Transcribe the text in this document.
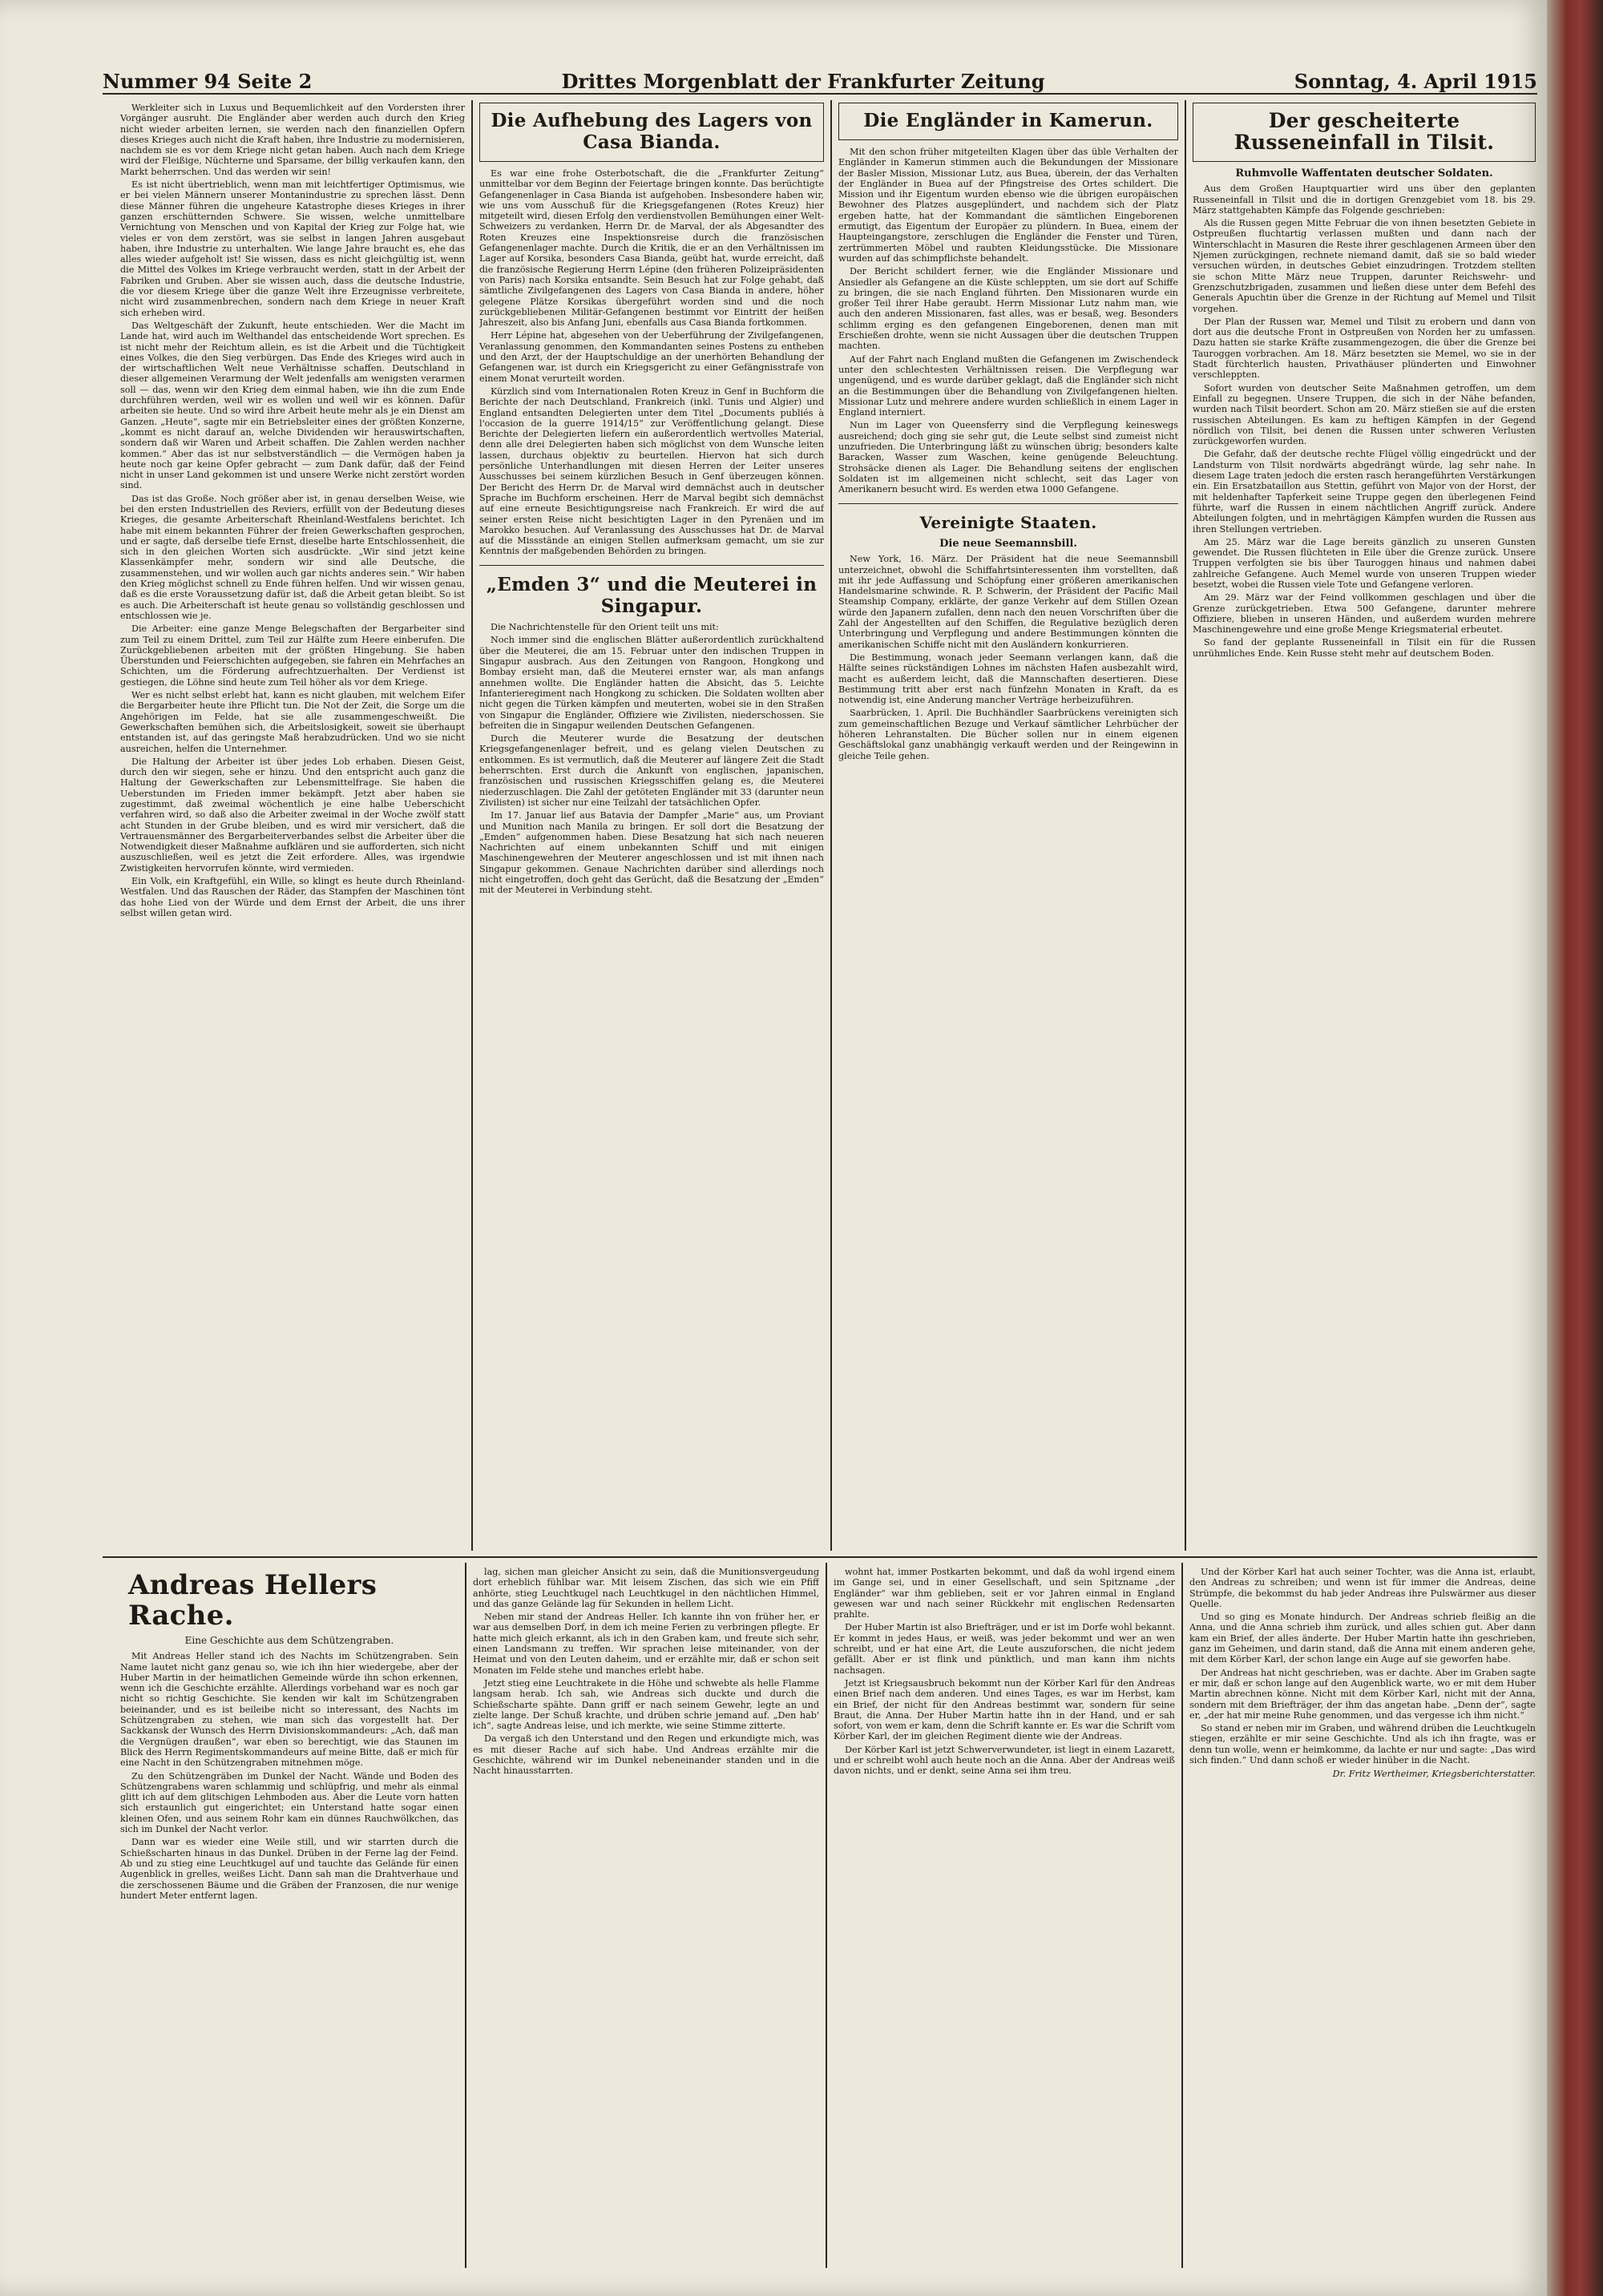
Nummer 94 Seite 2	Drittes Morgenblatt der Frankfurter Zeitung	Sonntag, 4. April 1915

Werkleiter sich in Luxus und Bequemlichkeit auf den Vordersten ihrer Vorgänger ausruht. Die Engländer aber werden auch durch den Krieg nicht wieder arbeiten lernen, sie werden nach den finanziellen Opfern dieses Krieges auch nicht die Kraft haben, ihre Industrie zu modernisieren, nachdem sie es vor dem Kriege nicht getan haben. Auch nach dem Kriege wird der Fleißige, Nüchterne und Sparsame, der billig verkaufen kann, den Markt beherrschen. Und das werden wir sein!

Es ist nicht übertrieblich, wenn man mit leichtfertiger Optimismus, wie er bei vielen Männern unserer Montanindustrie zu sprechen lässt. Denn diese Männer führen die ungeheure Katastrophe dieses Krieges in ihrer ganzen erschütternden Schwere. Sie wissen, welche unmittelbare Vernichtung von Menschen und von Kapital der Krieg zur Folge hat, wie vieles er von dem zerstört, was sie selbst in langen Jahren ausgebaut haben, ihre Industrie zu unterhalten. Wie lange Jahre braucht es, ehe das alles wieder aufgeholt ist! Sie wissen, dass es nicht gleichgültig ist, wenn die Mittel des Volkes im Kriege verbraucht werden, statt in der Arbeit der Fabriken und Gruben. Aber sie wissen auch, dass die deutsche Industrie, die vor diesem Kriege über die ganze Welt ihre Erzeugnisse verbreitete, nicht wird zusammenbrechen, sondern nach dem Kriege in neuer Kraft sich erheben wird.

Das Weltgeschäft der Zukunft, heute entschieden. Wer die Macht im Lande hat, wird auch im Welthandel das entscheidende Wort sprechen. Es ist nicht mehr der Reichtum allein, es ist die Arbeit und die Tüchtigkeit eines Volkes, die den Sieg verbürgen. Das Ende des Krieges wird auch in der wirtschaftlichen Welt neue Verhältnisse schaffen. Deutschland in dieser allgemeinen Verarmung der Welt jedenfalls am wenigsten verarmen soll — das, wenn wir den Krieg dem einmal haben, wie ihn die zum Ende durchführen werden, weil wir es wollen und weil wir es können. Dafür arbeiten sie heute. Und so wird ihre Arbeit heute mehr als je ein Dienst am Ganzen. „Heute“, sagte mir ein Betriebsleiter eines der größten Konzerne, „kommt es nicht darauf an, welche Dividenden wir herauswirtschaften, sondern daß wir Waren und Arbeit schaffen. Die Zahlen werden nachher kommen.“ Aber das ist nur selbstverständlich — die Vermögen haben ja heute noch gar keine Opfer gebracht — zum Dank dafür, daß der Feind nicht in unser Land gekommen ist und unsere Werke nicht zerstört worden sind.

Das ist das Große. Noch größer aber ist, in genau derselben Weise, wie bei den ersten Industriellen des Reviers, erfüllt von der Bedeutung dieses Krieges, die gesamte Arbeiterschaft Rheinland-Westfalens berichtet. Ich habe mit einem bekannten Führer der freien Gewerkschaften gesprochen, und er sagte, daß derselbe tiefe Ernst, dieselbe harte Entschlossenheit, die sich in den gleichen Worten sich ausdrückte. „Wir sind jetzt keine Klassenkämpfer mehr, sondern wir sind alle Deutsche, die zusammenstehen, und wir wollen auch gar nichts anderes sein.“ Wir haben den Krieg möglichst schnell zu Ende führen helfen. Und wir wissen genau, daß es die erste Voraussetzung dafür ist, daß die Arbeit getan bleibt. So ist es auch. Die Arbeiterschaft ist heute genau so vollständig geschlossen und entschlossen wie je.

Die Arbeiter: eine ganze Menge Belegschaften der Bergarbeiter sind zum Teil zu einem Drittel, zum Teil zur Hälfte zum Heere einberufen. Die Zurückgebliebenen arbeiten mit der größten Hingebung. Sie haben Überstunden und Feierschichten aufgegeben, sie fahren ein Mehrfaches an Schichten, um die Förderung aufrechtzuerhalten. Der Verdienst ist gestiegen, die Löhne sind heute zum Teil höher als vor dem Kriege.

Wer es nicht selbst erlebt hat, kann es nicht glauben, mit welchem Eifer die Bergarbeiter heute ihre Pflicht tun. Die Not der Zeit, die Sorge um die Angehörigen im Felde, hat sie alle zusammengeschweißt. Die Gewerkschaften bemühen sich, die Arbeitslosigkeit, soweit sie überhaupt entstanden ist, auf das geringste Maß herabzudrücken. Und wo sie nicht ausreichen, helfen die Unternehmer.

Die Haltung der Arbeiter ist über jedes Lob erhaben. Diesen Geist, durch den wir siegen, sehe er hinzu. Und den entspricht auch ganz die Haltung der Gewerkschaften zur Lebensmittelfrage. Sie haben die Ueberstunden im Frieden immer bekämpft. Jetzt aber haben sie zugestimmt, daß zweimal wöchentlich je eine halbe Ueberschicht verfahren wird, so daß also die Arbeiter zweimal in der Woche zwölf statt acht Stunden in der Grube bleiben, und es wird mir versichert, daß die Vertrauensmänner des Bergarbeiterverbandes selbst die Arbeiter über die Notwendigkeit dieser Maßnahme aufklären und sie aufforderten, sich nicht auszuschließen, weil es jetzt die Zeit erfordere. Alles, was irgendwie Zwistigkeiten hervorrufen könnte, wird vermieden.

Ein Volk, ein Kraftgefühl, ein Wille, so klingt es heute durch Rheinland-Westfalen. Und das Rauschen der Räder, das Stampfen der Maschinen tönt das hohe Lied von der Würde und dem Ernst der Arbeit, die uns ihrer selbst willen getan wird.

Die Aufhebung des Lagers von Casa Bianda.

Es war eine frohe Osterbotschaft, die die „Frankfurter Zeitung“ unmittelbar vor dem Beginn der Feiertage bringen konnte. Das berüchtigte Gefangenenlager in Casa Bianda ist aufgehoben. Insbesondere haben wir, wie uns vom Ausschuß für die Kriegsgefangenen (Rotes Kreuz) hier mitgeteilt wird, diesen Erfolg den verdienstvollen Bemühungen einer Welt-Schweizers zu verdanken, Herrn Dr. de Marval, der als Abgesandter des Roten Kreuzes eine Inspektionsreise durch die französischen Gefangenenlager machte. Durch die Kritik, die er an den Verhältnissen im Lager auf Korsika, besonders Casa Bianda, geübt hat, wurde erreicht, daß die französische Regierung Herrn Lépine (den früheren Polizeipräsidenten von Paris) nach Korsika entsandte. Sein Besuch hat zur Folge gehabt, daß sämtliche Zivilgefangenen des Lagers von Casa Bianda in andere, höher gelegene Plätze Korsikas übergeführt worden sind und die noch zurückgebliebenen Militär-Gefangenen bestimmt vor Eintritt der heißen Jahreszeit, also bis Anfang Juni, ebenfalls aus Casa Bianda fortkommen.

Herr Lépine hat, abgesehen von der Ueberführung der Zivilgefangenen, Veranlassung genommen, den Kommandanten seines Postens zu entheben und den Arzt, der der Hauptschuldige an der unerhörten Behandlung der Gefangenen war, ist durch ein Kriegsgericht zu einer Gefängnisstrafe von einem Monat verurteilt worden.

Kürzlich sind vom Internationalen Roten Kreuz in Genf in Buchform die Berichte der nach Deutschland, Frankreich (inkl. Tunis und Algier) und England entsandten Delegierten unter dem Titel „Documents publiés à l'occasion de la guerre 1914/15“ zur Veröffentlichung gelangt. Diese Berichte der Delegierten liefern ein außerordentlich wertvolles Material, denn alle drei Delegierten haben sich möglichst von dem Wunsche leiten lassen, durchaus objektiv zu beurteilen. Hiervon hat sich durch persönliche Unterhandlungen mit diesen Herren der Leiter unseres Ausschusses bei seinem kürzlichen Besuch in Genf überzeugen können. Der Bericht des Herrn Dr. de Marval wird demnächst auch in deutscher Sprache im Buchform erscheinen. Herr de Marval begibt sich demnächst auf eine erneute Besichtigungsreise nach Frankreich. Er wird die auf seiner ersten Reise nicht besichtigten Lager in den Pyrenäen und im Marokko besuchen. Auf Veranlassung des Ausschusses hat Dr. de Marval auf die Missstände an einigen Stellen aufmerksam gemacht, um sie zur Kenntnis der maßgebenden Behörden zu bringen.

„Emden 3“ und die Meuterei in Singapur.

Die Nachrichtenstelle für den Orient teilt uns mit:

Noch immer sind die englischen Blätter außerordentlich zurückhaltend über die Meuterei, die am 15. Februar unter den indischen Truppen in Singapur ausbrach. Aus den Zeitungen von Rangoon, Hongkong und Bombay ersieht man, daß die Meuterei ernster war, als man anfangs annehmen wollte. Die Engländer hatten die Absicht, das 5. Leichte Infanterieregiment nach Hongkong zu schicken. Die Soldaten wollten aber nicht gegen die Türken kämpfen und meuterten, wobei sie in den Straßen von Singapur die Engländer, Offiziere wie Zivilisten, niederschossen. Sie befreiten die in Singapur weilenden Deutschen Gefangenen.

Durch die Meuterer wurde die Besatzung der deutschen Kriegsgefangenenlager befreit, und es gelang vielen Deutschen zu entkommen. Es ist vermutlich, daß die Meuterer auf längere Zeit die Stadt beherrschten. Erst durch die Ankunft von englischen, japanischen, französischen und russischen Kriegsschiffen gelang es, die Meuterei niederzuschlagen. Die Zahl der getöteten Engländer mit 33 (darunter neun Zivilisten) ist sicher nur eine Teilzahl der tatsächlichen Opfer.

Im 17. Januar lief aus Batavia der Dampfer „Marie“ aus, um Proviant und Munition nach Manila zu bringen. Er soll dort die Besatzung der „Emden“ aufgenommen haben. Diese Besatzung hat sich nach neueren Nachrichten auf einem unbekannten Schiff und mit einigen Maschinengewehren der Meuterer angeschlossen und ist mit ihnen nach Singapur gekommen. Genaue Nachrichten darüber sind allerdings noch nicht eingetroffen, doch geht das Gerücht, daß die Besatzung der „Emden“ mit der Meuterei in Verbindung steht.

Die Engländer in Kamerun.

Mit den schon früher mitgeteilten Klagen über das üble Verhalten der Engländer in Kamerun stimmen auch die Bekundungen der Missionare der Basler Mission, Missionar Lutz, aus Buea, überein, der das Verhalten der Engländer in Buea auf der Pfingstreise des Ortes schildert. Die Mission und ihr Eigentum wurden ebenso wie die übrigen europäischen Bewohner des Platzes ausgeplündert, und nachdem sich der Platz ergeben hatte, hat der Kommandant die sämtlichen Eingeborenen ermutigt, das Eigentum der Europäer zu plündern. In Buea, einem der Haupteingangstore, zerschlugen die Engländer die Fenster und Türen, zertrümmerten Möbel und raubten Kleidungsstücke. Die Missionare wurden auf das schimpflichste behandelt.

Der Bericht schildert ferner, wie die Engländer Missionare und Ansiedler als Gefangene an die Küste schleppten, um sie dort auf Schiffe zu bringen, die sie nach England führten. Den Missionaren wurde ein großer Teil ihrer Habe geraubt. Herrn Missionar Lutz nahm man, wie auch den anderen Missionaren, fast alles, was er besaß, weg. Besonders schlimm erging es den gefangenen Eingeborenen, denen man mit Erschießen drohte, wenn sie nicht Aussagen über die deutschen Truppen machten.

Auf der Fahrt nach England mußten die Gefangenen im Zwischendeck unter den schlechtesten Verhältnissen reisen. Die Verpflegung war ungenügend, und es wurde darüber geklagt, daß die Engländer sich nicht an die Bestimmungen über die Behandlung von Zivilgefangenen hielten. Missionar Lutz und mehrere andere wurden schließlich in einem Lager in England interniert.

Nun im Lager von Queensferry sind die Verpflegung keineswegs ausreichend; doch ging sie sehr gut, die Leute selbst sind zumeist nicht unzufrieden. Die Unterbringung läßt zu wünschen übrig; besonders kalte Baracken, Wasser zum Waschen, keine genügende Beleuchtung. Strohsäcke dienen als Lager. Die Behandlung seitens der englischen Soldaten ist im allgemeinen nicht schlecht, seit das Lager von Amerikanern besucht wird. Es werden etwa 1000 Gefangene.

Vereinigte Staaten.
Die neue Seemannsbill.

New York, 16. März. Der Präsident hat die neue Seemannsbill unterzeichnet, obwohl die Schiffahrtsinteressenten ihm vorstellten, daß mit ihr jede Auffassung und Schöpfung einer größeren amerikanischen Handelsmarine schwinde. R. P. Schwerin, der Präsident der Pacific Mail Steamship Company, erklärte, der ganze Verkehr auf dem Stillen Ozean würde den Japanern zufallen, denn nach den neuen Vorschriften über die Zahl der Angestellten auf den Schiffen, die Regulative bezüglich deren Unterbringung und Verpflegung und andere Bestimmungen könnten die amerikanischen Schiffe nicht mit den Ausländern konkurrieren.

Die Bestimmung, wonach jeder Seemann verlangen kann, daß die Hälfte seines rückständigen Lohnes im nächsten Hafen ausbezahlt wird, macht es außerdem leicht, daß die Mannschaften desertieren. Diese Bestimmung tritt aber erst nach fünfzehn Monaten in Kraft, da es notwendig ist, eine Anderung mancher Verträge herbeizuführen.

Saarbrücken, 1. April. Die Buchhändler Saarbrückens vereinigten sich zum gemeinschaftlichen Bezuge und Verkauf sämtlicher Lehrbücher der höheren Lehranstalten. Die Bücher sollen nur in einem eigenen Geschäftslokal ganz unabhängig verkauft werden und der Reingewinn in gleiche Teile gehen.

Der gescheiterte Russeneinfall in Tilsit.
Ruhmvolle Waffentaten deutscher Soldaten.

Aus dem Großen Hauptquartier wird uns über den geplanten Russeneinfall in Tilsit und die in dortigen Grenzgebiet vom 18. bis 29. März stattgehabten Kämpfe das Folgende geschrieben:

Als die Russen gegen Mitte Februar die von ihnen besetzten Gebiete in Ostpreußen fluchtartig verlassen mußten und dann nach der Winterschlacht in Masuren die Reste ihrer geschlagenen Armeen über den Njemen zurückgingen, rechnete niemand damit, daß sie so bald wieder versuchen würden, in deutsches Gebiet einzudringen. Trotzdem stellten sie schon Mitte März neue Truppen, darunter Reichswehr- und Grenzschutzbrigaden, zusammen und ließen diese unter dem Befehl des Generals Apuchtin über die Grenze in der Richtung auf Memel und Tilsit vorgehen.

Der Plan der Russen war, Memel und Tilsit zu erobern und dann von dort aus die deutsche Front in Ostpreußen von Norden her zu umfassen. Dazu hatten sie starke Kräfte zusammengezogen, die über die Grenze bei Tauroggen vorbrachen. Am 18. März besetzten sie Memel, wo sie in der Stadt fürchterlich hausten, Privathäuser plünderten und Einwohner verschleppten.

Sofort wurden von deutscher Seite Maßnahmen getroffen, um dem Einfall zu begegnen. Unsere Truppen, die sich in der Nähe befanden, wurden nach Tilsit beordert. Schon am 20. März stießen sie auf die ersten russischen Abteilungen. Es kam zu heftigen Kämpfen in der Gegend nördlich von Tilsit, bei denen die Russen unter schweren Verlusten zurückgeworfen wurden.

Die Gefahr, daß der deutsche rechte Flügel völlig eingedrückt und der Landsturm von Tilsit nordwärts abgedrängt würde, lag sehr nahe. In diesem Lage traten jedoch die ersten rasch herangeführten Verstärkungen ein. Ein Ersatzbataillon aus Stettin, geführt von Major von der Horst, der mit heldenhafter Tapferkeit seine Truppe gegen den überlegenen Feind führte, warf die Russen in einem nächtlichen Angriff zurück. Andere Abteilungen folgten, und in mehrtägigen Kämpfen wurden die Russen aus ihren Stellungen vertrieben.

Am 25. März war die Lage bereits gänzlich zu unseren Gunsten gewendet. Die Russen flüchteten in Eile über die Grenze zurück. Unsere Truppen verfolgten sie bis über Tauroggen hinaus und nahmen dabei zahlreiche Gefangene. Auch Memel wurde von unseren Truppen wieder besetzt, wobei die Russen viele Tote und Gefangene verloren.

Am 29. März war der Feind vollkommen geschlagen und über die Grenze zurückgetrieben. Etwa 500 Gefangene, darunter mehrere Offiziere, blieben in unseren Händen, und außerdem wurden mehrere Maschinengewehre und eine große Menge Kriegsmaterial erbeutet.

So fand der geplante Russeneinfall in Tilsit ein für die Russen unrühmliches Ende. Kein Russe steht mehr auf deutschem Boden.

Andreas Hellers Rache.
Eine Geschichte aus dem Schützengraben.

Mit Andreas Heller stand ich des Nachts im Schützengraben. Sein Name lautet nicht ganz genau so, wie ich ihn hier wiedergebe, aber der Huber Martin in der heimatlichen Gemeinde würde ihn schon erkennen, wenn ich die Geschichte erzählte. Allerdings vorbehand war es noch gar nicht so richtig Geschichte. Sie kenden wir kalt im Schützengraben beieinander, und es ist beileibe nicht so interessant, des Nachts im Schützengraben zu stehen, wie man sich das vorgestellt hat. Der Sackkansk der Wunsch des Herrn Divisionskommandeurs: „Ach, daß man die Vergnügen draußen“, war eben so berechtigt, wie das Staunen im Blick des Herrn Regimentskommandeurs auf meine Bitte, daß er mich für eine Nacht in den Schützengraben mitnehmen möge.

Zu den Schützengräben im Dunkel der Nacht. Wände und Boden des Schützengrabens waren schlammig und schlüpfrig, und mehr als einmal glitt ich auf dem glitschigen Lehmboden aus. Aber die Leute vorn hatten sich erstaunlich gut eingerichtet; ein Unterstand hatte sogar einen kleinen Ofen, und aus seinem Rohr kam ein dünnes Rauchwölkchen, das sich im Dunkel der Nacht verlor.

Dann war es wieder eine Weile still, und wir starrten durch die Schießscharten hinaus in das Dunkel. Drüben in der Ferne lag der Feind. Ab und zu stieg eine Leuchtkugel auf und tauchte das Gelände für einen Augenblick in grelles, weißes Licht. Dann sah man die Drahtverhaue und die zerschossenen Bäume und die Gräben der Franzosen, die nur wenige hundert Meter entfernt lagen.

lag, sichen man gleicher Ansicht zu sein, daß die Munitionsvergeudung dort erheblich fühlbar war. Mit leisem Zischen, das sich wie ein Pfiff anhörte, stieg Leuchtkugel nach Leuchtkugel in den nächtlichen Himmel, und das ganze Gelände lag für Sekunden in hellem Licht.

Neben mir stand der Andreas Heller. Ich kannte ihn von früher her, er war aus demselben Dorf, in dem ich meine Ferien zu verbringen pflegte. Er hatte mich gleich erkannt, als ich in den Graben kam, und freute sich sehr, einen Landsmann zu treffen. Wir sprachen leise miteinander, von der Heimat und von den Leuten daheim, und er erzählte mir, daß er schon seit Monaten im Felde stehe und manches erlebt habe.

Jetzt stieg eine Leuchtrakete in die Höhe und schwebte als helle Flamme langsam herab. Ich sah, wie Andreas sich duckte und durch die Schießscharte spähte. Dann griff er nach seinem Gewehr, legte an und zielte lange. Der Schuß krachte, und drüben schrie jemand auf. „Den hab' ich“, sagte Andreas leise, und ich merkte, wie seine Stimme zitterte.

Da vergaß ich den Unterstand und den Regen und erkundigte mich, was es mit dieser Rache auf sich habe. Und Andreas erzählte mir die Geschichte, während wir im Dunkel nebeneinander standen und in die Nacht hinausstarrten.

wohnt hat, immer Postkarten bekommt, und daß da wohl irgend einem im Gange sei, und in einer Gesellschaft, und sein Spitzname „der Engländer“ war ihm geblieben, seit er vor Jahren einmal in England gewesen war und nach seiner Rückkehr mit englischen Redensarten prahlte.

Der Huber Martin ist also Briefträger, und er ist im Dorfe wohl bekannt. Er kommt in jedes Haus, er weiß, was jeder bekommt und wer an wen schreibt, und er hat eine Art, die Leute auszuforschen, die nicht jedem gefällt. Aber er ist flink und pünktlich, und man kann ihm nichts nachsagen.

Jetzt ist Kriegsausbruch bekommt nun der Körber Karl für den Andreas einen Brief nach dem anderen. Und eines Tages, es war im Herbst, kam ein Brief, der nicht für den Andreas bestimmt war, sondern für seine Braut, die Anna. Der Huber Martin hatte ihn in der Hand, und er sah sofort, von wem er kam, denn die Schrift kannte er. Es war die Schrift vom Körber Karl, der im gleichen Regiment diente wie der Andreas.

Der Körber Karl ist jetzt Schwerverwundeter, ist liegt in einem Lazarett, und er schreibt wohl auch heute noch an die Anna. Aber der Andreas weiß davon nichts, und er denkt, seine Anna sei ihm treu.

Und der Körber Karl hat auch seiner Tochter, was die Anna ist, erlaubt, den Andreas zu schreiben; und wenn ist für immer die Andreas, deine Strümpfe, die bekommst du hab jeder Andreas ihre Pulswärmer aus dieser Quelle.

Und so ging es Monate hindurch. Der Andreas schrieb fleißig an die Anna, und die Anna schrieb ihm zurück, und alles schien gut. Aber dann kam ein Brief, der alles änderte. Der Huber Martin hatte ihn geschrieben, ganz im Geheimen, und darin stand, daß die Anna mit einem anderen gehe, mit dem Körber Karl, der schon lange ein Auge auf sie geworfen habe.

Der Andreas hat nicht geschrieben, was er dachte. Aber im Graben sagte er mir, daß er schon lange auf den Augenblick warte, wo er mit dem Huber Martin abrechnen könne. Nicht mit dem Körber Karl, nicht mit der Anna, sondern mit dem Briefträger, der ihm das angetan habe. „Denn der“, sagte er, „der hat mir meine Ruhe genommen, und das vergesse ich ihm nicht.“

So stand er neben mir im Graben, und während drüben die Leuchtkugeln stiegen, erzählte er mir seine Geschichte. Und als ich ihn fragte, was er denn tun wolle, wenn er heimkomme, da lachte er nur und sagte: „Das wird sich finden.“ Und dann schoß er wieder hinüber in die Nacht.

Dr. Fritz Wertheimer, Kriegsberichterstatter.
